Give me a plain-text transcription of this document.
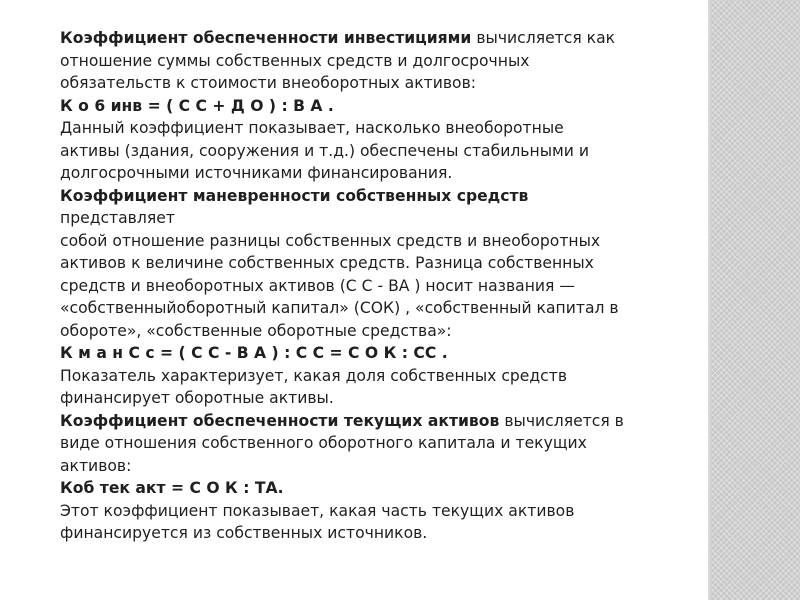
Коэффициент обеспеченности инвестициями вычисляется как
отношение суммы собственных средств и долгосрочных
обязательств к стоимости внеоборотных активов:
К о 6 инв = ( С С + Д О ) : В А .
Данный коэффициент показывает, насколько внеоборотные
активы (здания, сооружения и т.д.) обеспечены стабильными и
долгосрочными источниками финансирования.
Коэффициент маневренности собственных средств
представляет
собой отношение разницы собственных средств и внеоборотных
активов к величине собственных средств. Разница собственных
средств и внеоборотных активов (С С - ВА ) носит названия —
«собственныйоборотный капитал» (СОК) , «собственный капитал в
обороте», «собственные оборотные средства»:
К м а н С с = ( С С - В А ) : С С = С О К : СС .
Показатель характеризует, какая доля собственных средств
финансирует оборотные активы.
Коэффициент обеспеченности текущих активов вычисляется в
виде отношения собственного оборотного капитала и текущих
активов:
Коб тек акт = С О К : ТА.
Этот коэффициент показывает, какая часть текущих активов
финансируется из собственных источников.
